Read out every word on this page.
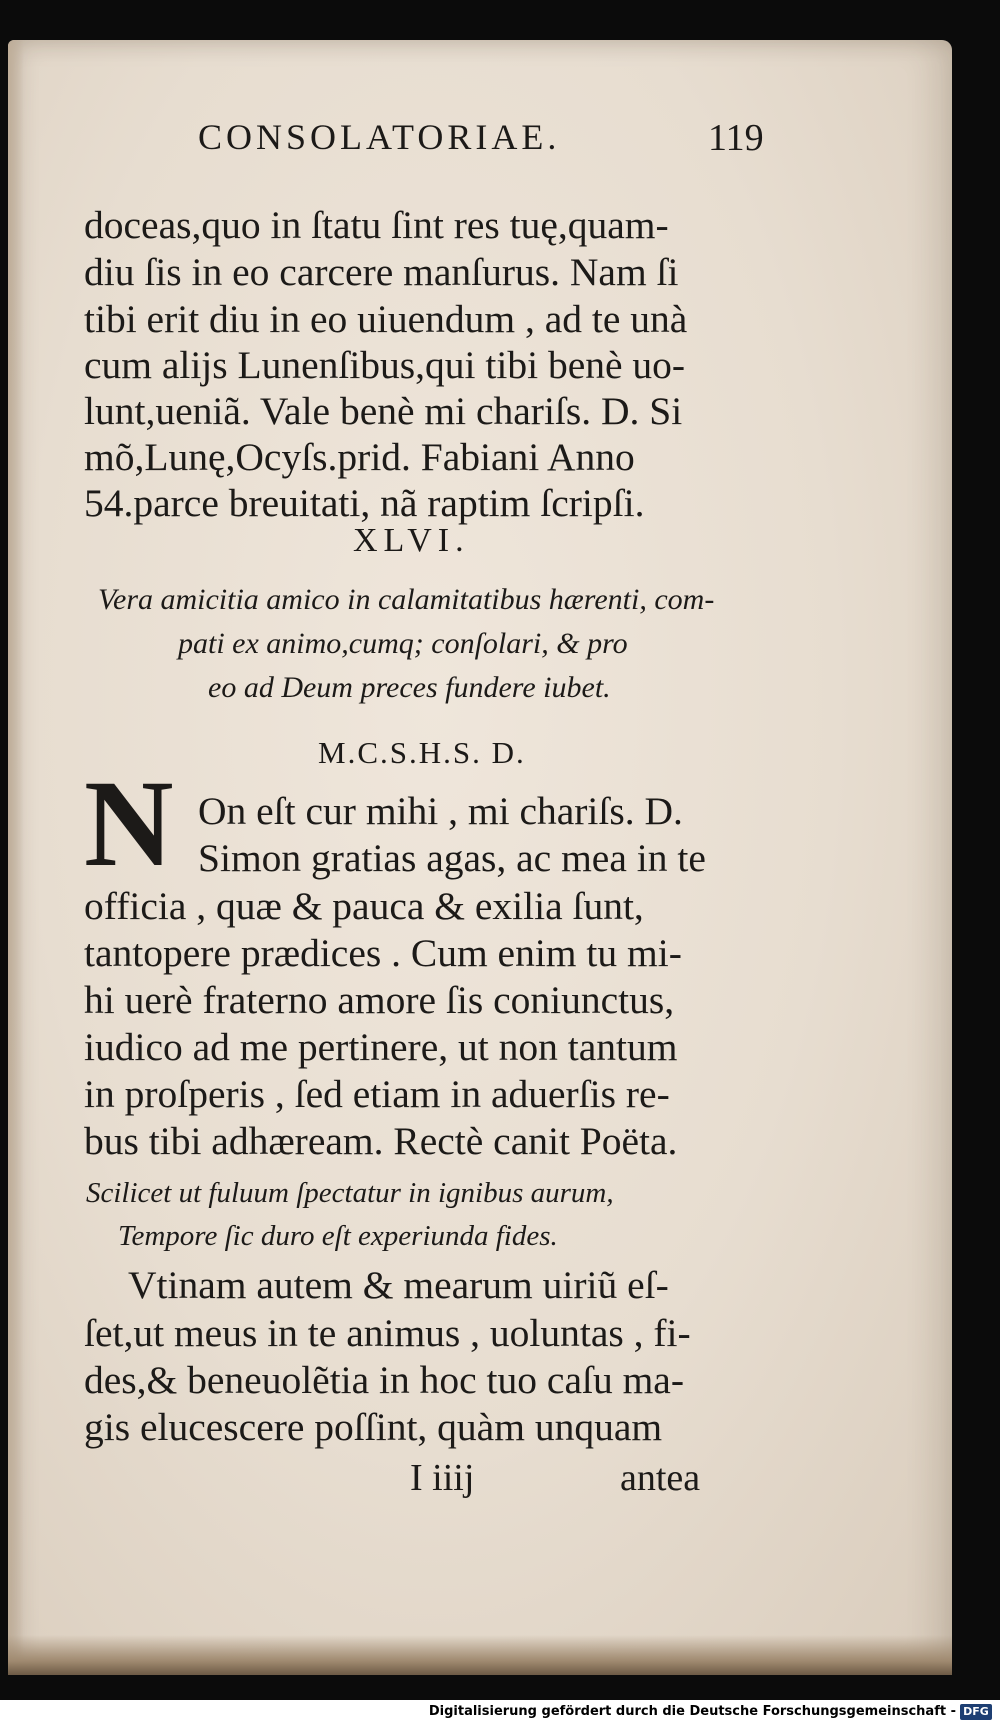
CONSOLATORIAE.	119
doceas,quo in ſtatu ſint res tuę,quam-
diu ſis in eo carcere manſurus. Nam ſi
tibi erit diu in eo uiuendum , ad te unà
cum alĳs Lunenſibus,qui tibi benè uo-
lunt,ueniã. Vale benè mi chariſs. D. Si
mõ,Lunę,Ocyſs.prid. Fabiani Anno
54.parce breuitati, nã raptim ſcripſi.
XLVI.
Vera amicitia amico in calamitatibus hærenti, com-
pati ex animo,cumq; conſolari, & pro
eo ad Deum preces fundere iubet.
M.C.S.H.S. D.
N On eſt cur mihi , mi chariſs. D.
Simon gratias agas, ac mea in te
officia , quæ & pauca & exilia ſunt,
tantopere prædices . Cum enim tu mi-
hi uerè fraterno amore ſis coniunctus,
iudico ad me pertinere, ut non tantum
in proſperis , ſed etiam in aduerſis re-
bus tibi adhæream. Rectè canit Poëta.
Scilicet ut fuluum ſpectatur in ignibus aurum,
Tempore ſic duro eſt experiunda fides.
Vtinam autem & mearum uiriũ eſ-
ſet,ut meus in te animus , uoluntas , fi-
des,& beneuolẽtia in hoc tuo caſu ma-
gis elucescere poſſint, quàm unquam
I iiij	antea
Digitalisierung gefördert durch die Deutsche Forschungsgemeinschaft - DFG
